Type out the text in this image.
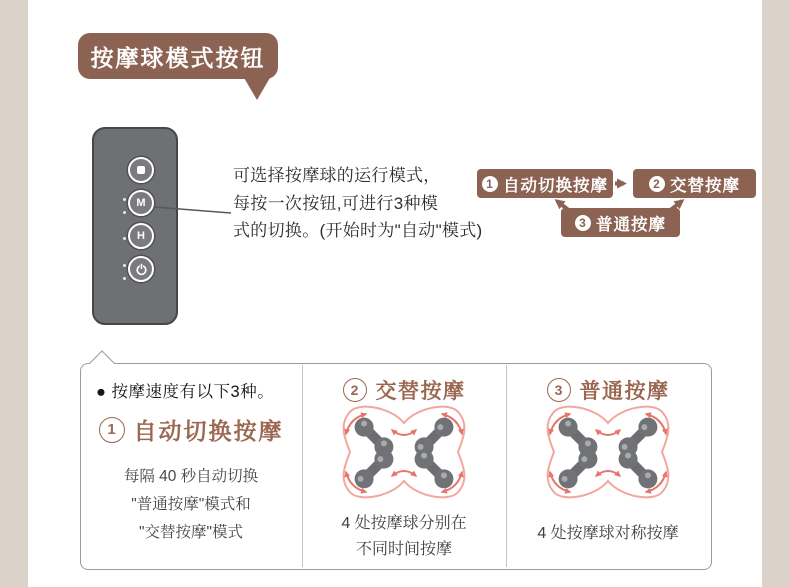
按摩球模式按钮
M
H
可选择按摩球的运行模式，
每按一次按钮,可进行3种模
式的切换。(开始时为"自动"模式)
1 自动切换按摩	2 交替按摩
3 普通按摩
● 按摩速度有以下3种。
1 自动切换按摩
每隔 40 秒自动切换
"普通按摩"模式和
"交替按摩"模式
2 交替按摩
4 处按摩球分别在
不同时间按摩
3 普通按摩
4 处按摩球对称按摩
